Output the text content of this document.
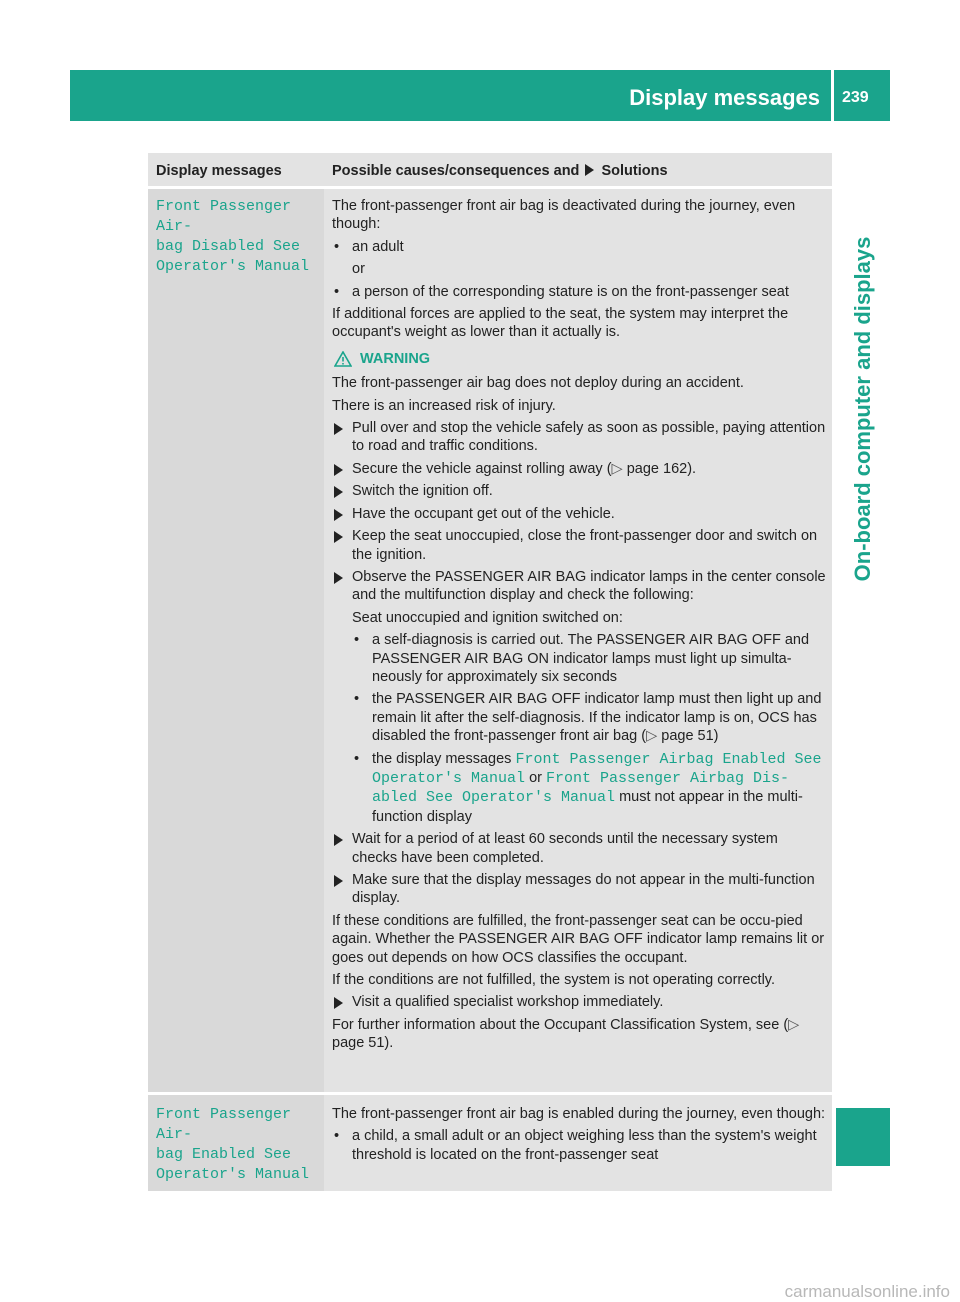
Display messages 239
On-board computer and displays
Display messages	Possible causes/consequences and Solutions
Front Passenger Air‐
bag Disabled See
Operator's Manual

The front-passenger front air bag is deactivated during the journey, even though:

• an adult

or

• a person of the corresponding stature is on the front-passenger seat

If additional forces are applied to the seat, the system may interpret the occupant's weight as lower than it actually is.

WARNING

The front-passenger air bag does not deploy during an accident.

There is an increased risk of injury.

Pull over and stop the vehicle safely as soon as possible, paying attention to road and traffic conditions.
Secure the vehicle against rolling away (▷ page 162).
Switch the ignition off.
Have the occupant get out of the vehicle.
Keep the seat unoccupied, close the front-passenger door and switch on the ignition.
Observe the PASSENGER AIR BAG indicator lamps in the center console and the multifunction display and check the following:

Seat unoccupied and ignition switched on:

• a self-diagnosis is carried out. The PASSENGER AIR BAG OFF and PASSENGER AIR BAG ON indicator lamps must light up simulta-neously for approximately six seconds
• the PASSENGER AIR BAG OFF indicator lamp must then light up and remain lit after the self-diagnosis. If the indicator lamp is on, OCS has disabled the front-passenger front air bag (▷ page 51)
• the display messages Front Passenger Airbag Enabled See Operator's Manual or Front Passenger Airbag Dis‐abled See Operator's Manual must not appear in the multi-function display
Wait for a period of at least 60 seconds until the necessary system checks have been completed.
Make sure that the display messages do not appear in the multi-function display.

If these conditions are fulfilled, the front-passenger seat can be occu-pied again. Whether the PASSENGER AIR BAG OFF indicator lamp remains lit or goes out depends on how OCS classifies the occupant.

If the conditions are not fulfilled, the system is not operating correctly.

Visit a qualified specialist workshop immediately.

For further information about the Occupant Classification System, see (▷ page 51).

Front Passenger Air‐
bag Enabled See
Operator's Manual

The front-passenger front air bag is enabled during the journey, even though:

• a child, a small adult or an object weighing less than the system's weight threshold is located on the front-passenger seat
carmanualsonline.info
